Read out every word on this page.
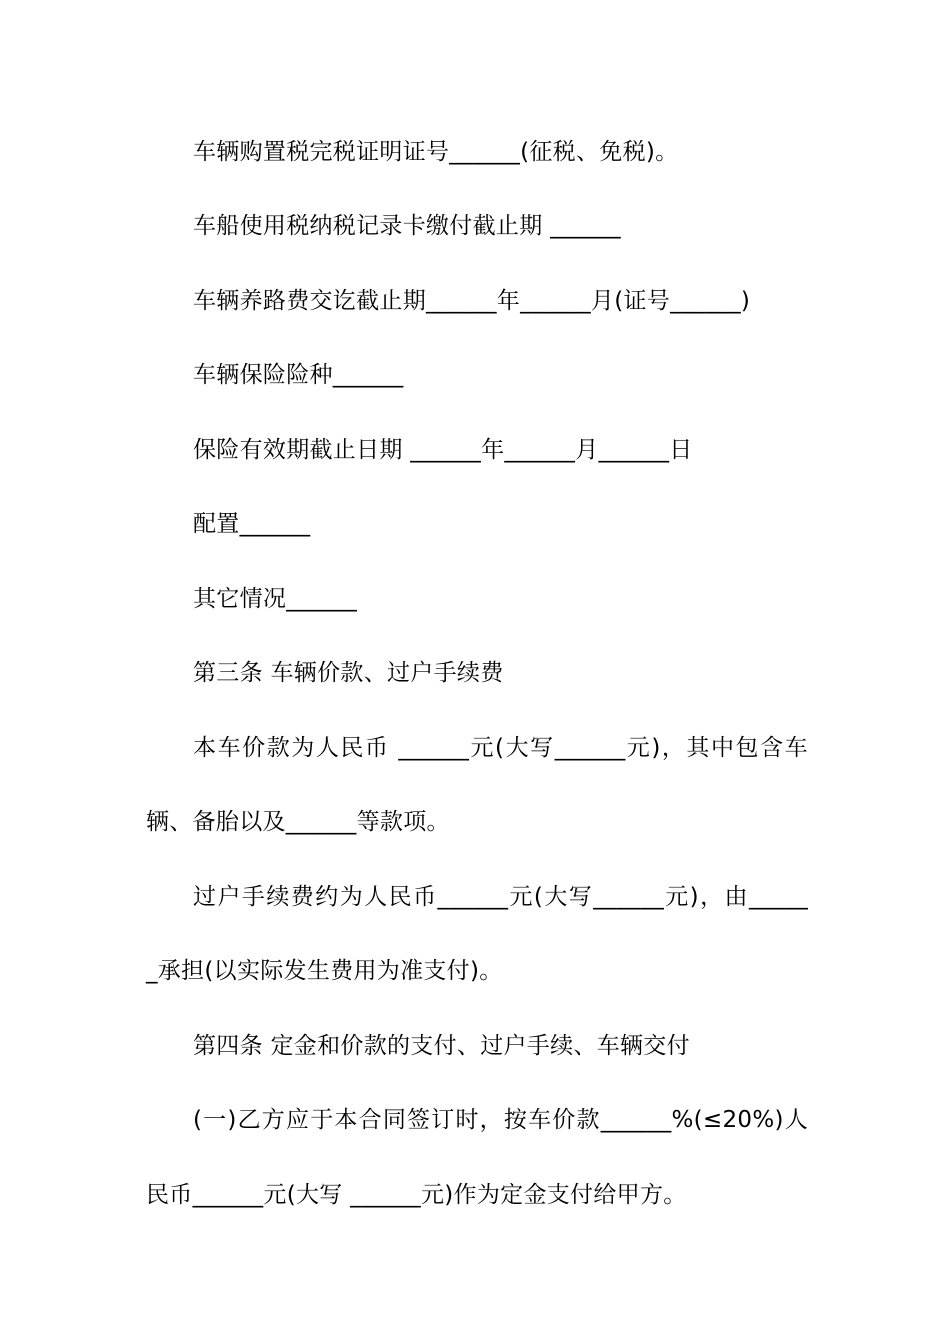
车辆购置税完税证明证号______(征税、免税)。
车船使用税纳税记录卡缴付截止期 ______
车辆养路费交讫截止期______年______月(证号______)
车辆保险险种______
保险有效期截止日期 ______年______月______日
配置______
其它情况______
第三条 车辆价款、过户手续费
本车价款为人民币 ______元(大写______元)，其中包含车
辆、备胎以及______等款项。
过户手续费约为人民币______元(大写______元)，由_____
_承担(以实际发生费用为准支付)。
第四条 定金和价款的支付、过户手续、车辆交付
(一)乙方应于本合同签订时，按车价款______%(≤20%)人
民币______元(大写 ______元)作为定金支付给甲方。
